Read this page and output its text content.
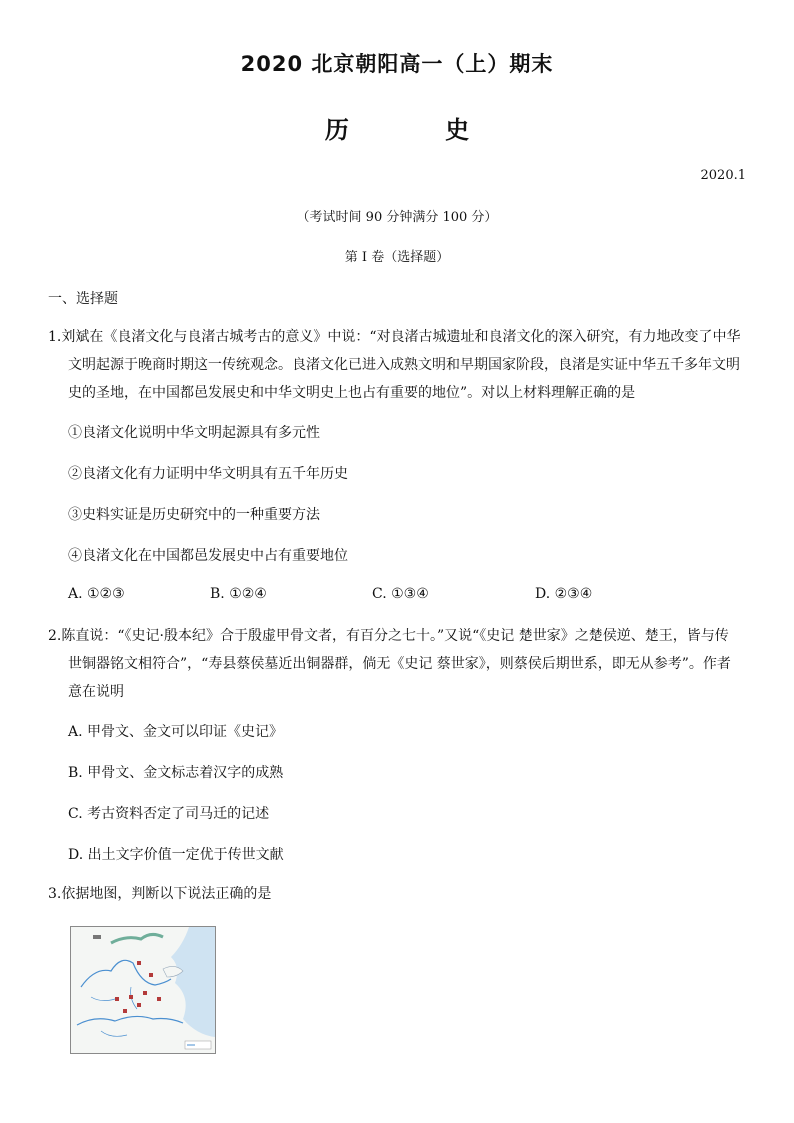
2020 北京朝阳高一（上）期末
历 史
2020.1
（考试时间 90 分钟满分 100 分）
第 I 卷（选择题）
一、选择题
1.刘斌在《良渚文化与良渚古城考古的意义》中说：“对良渚古城遗址和良渚文化的深入研究，有力地改变了中华
文明起源于晚商时期这一传统观念。良渚文化已进入成熟文明和早期国家阶段，良渚是实证中华五千多年文明
史的圣地，在中国都邑发展史和中华文明史上也占有重要的地位”。对以上材料理解正确的是
①良渚文化说明中华文明起源具有多元性
②良渚文化有力证明中华文明具有五千年历史
③史料实证是历史研究中的一种重要方法
④良渚文化在中国都邑发展史中占有重要地位
A. ①②③	B. ①②④	C. ①③④	D. ②③④
2.陈直说：“《史记·殷本纪》合于殷虚甲骨文者，有百分之七十。”又说“《史记 楚世家》之楚侯逆、楚王，皆与传
世铜器铭文相符合”，“寿县蔡侯墓近出铜器群，倘无《史记 蔡世家》，则蔡侯后期世系，即无从参考”。作者
意在说明
A. 甲骨文、金文可以印证《史记》
B. 甲骨文、金文标志着汉字的成熟
C. 考古资料否定了司马迁的记述
D. 出土文字价值一定优于传世文献
3.依据地图，判断以下说法正确的是
